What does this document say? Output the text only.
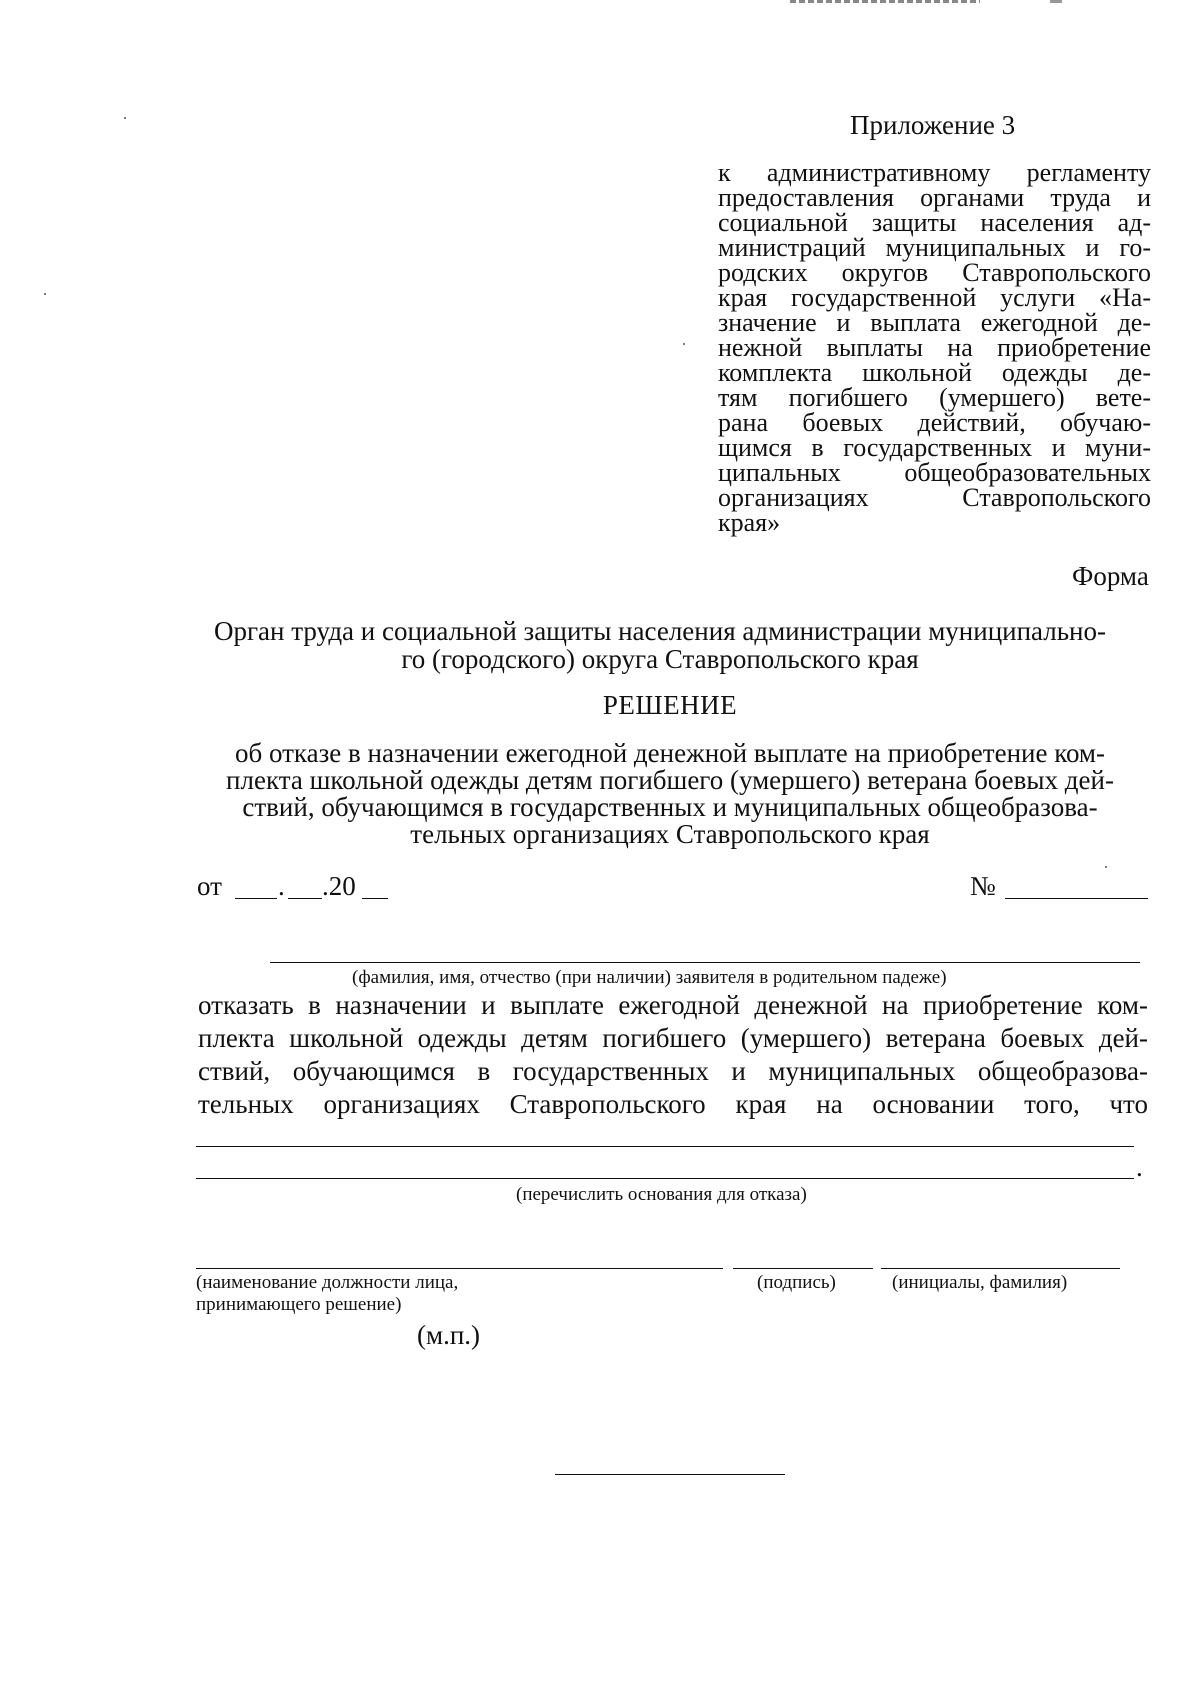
Приложение 3
к административному регламенту
предоставления органами труда и
социальной защиты населения ад-
министраций муниципальных и го-
родских округов Ставропольского
края государственной услуги «На-
значение и выплата ежегодной де-
нежной выплаты на приобретение
комплекта школьной одежды де-
тям погибшего (умершего) вете-
рана боевых действий, обучаю-
щимся в государственных и муни-
ципальных общеобразовательных
организациях Ставропольского
края»
Форма
Орган труда и социальной защиты населения администрации муниципально-
го (городского) округа Ставропольского края
РЕШЕНИЕ
об отказе в назначении ежегодной денежной выплате на приобретение ком-
плекта школьной одежды детям погибшего (умершего) ветерана боевых дей-
ствий, обучающимся в государственных и муниципальных общеобразова-
тельных организациях Ставропольского края
от . .20	№
(фамилия, имя, отчество (при наличии) заявителя в родительном падеже)
отказать в назначении и выплате ежегодной денежной на приобретение ком-
плекта школьной одежды детям погибшего (умершего) ветерана боевых дей-
ствий, обучающимся в государственных и муниципальных общеобразова-
тельных организациях Ставропольского края на основании того, что
.
(перечислить основания для отказа)
(наименование должности лица,
принимающего решение)
(подпись)	(инициалы, фамилия)
(м.п.)
